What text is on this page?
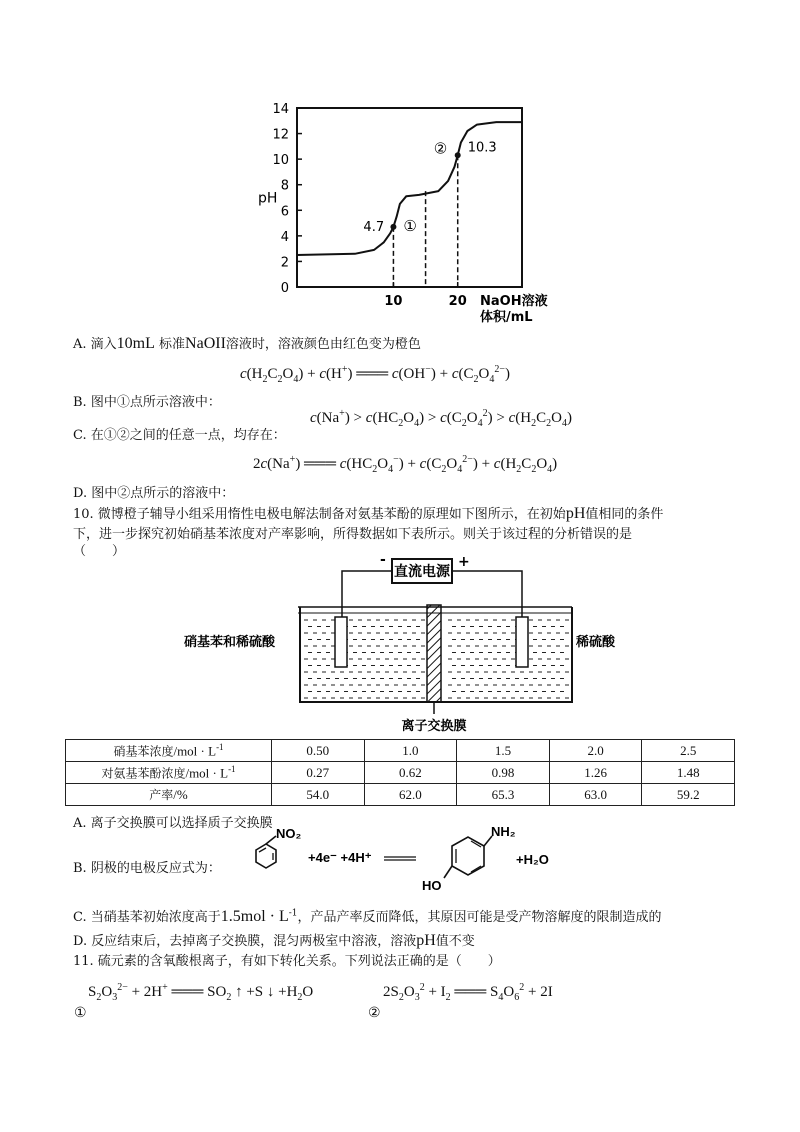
0
2
4
6
8
10
12
14
10	20
pH
NaOH溶液
体积/mL
4.7 ①
10.3
②
A. 滴入10mL 标准NaOII溶液时，溶液颜色由红色变为橙色
$c(H_2C_2O_4) + c(H^+)$ ═══ $c(OH^-) + c(C_2O_4^{2-})$
B. 图中①点所示溶液中：
$c(Na^+) > c(HC_2O_4) > c(C_2O_4^2) > c(H_2C_2O_4)$
C. 在①②之间的任意一点，均存在：
2c(Na+) ═══ $c(HC_2O_4^-) + c(C_2O_4^{2-}) + c(H_2C_2O_4)$
D. 图中②点所示的溶液中：
10. 微博橙子辅导小组采用惰性电极电解法制备对氨基苯酚的原理如下图所示，在初始pH值相同的条件
下，进一步探究初始硝基苯浓度对产率影响，所得数据如下表所示。则关于该过程的分析错误的是
（　　）
直流电源
-	+
硝基苯和稀硫酸	稀硫酸
离子交换膜
硝基苯浓度$/mol \cdot L^{-1}$	0.50	1.0	1.5	2.0	2.5
对氨基苯酚浓度$/mol \cdot L^{-1}$	0.27	0.62	0.98	1.26	1.48
产率/%	54.0	62.0	65.3	63.0	59.2
A. 离子交换膜可以选择质子交换膜
B. 阴极的电极反应式为：
NO₂
+4e⁻ +4H⁺
NH₂
HO
+H₂O
C. 当硝基苯初始浓度高于$1.5mol \cdot L^{-1}$，产品产率反而降低，其原因可能是受产物溶解度的限制造成的
D. 反应结束后，去掉离子交换膜，混匀两极室中溶液，溶液pH值不变
11. 硫元素的含氧酸根离子，有如下转化关系。下列说法正确的是（　　）
$S_2O_3^{2-} + 2H^+$ ═══ $SO_2$ ↑ +S ↓ $+H_2O$
①
$2S_2O_3^2 + I_2$ ═══ $S_4O_6^2 + 2I$
②
